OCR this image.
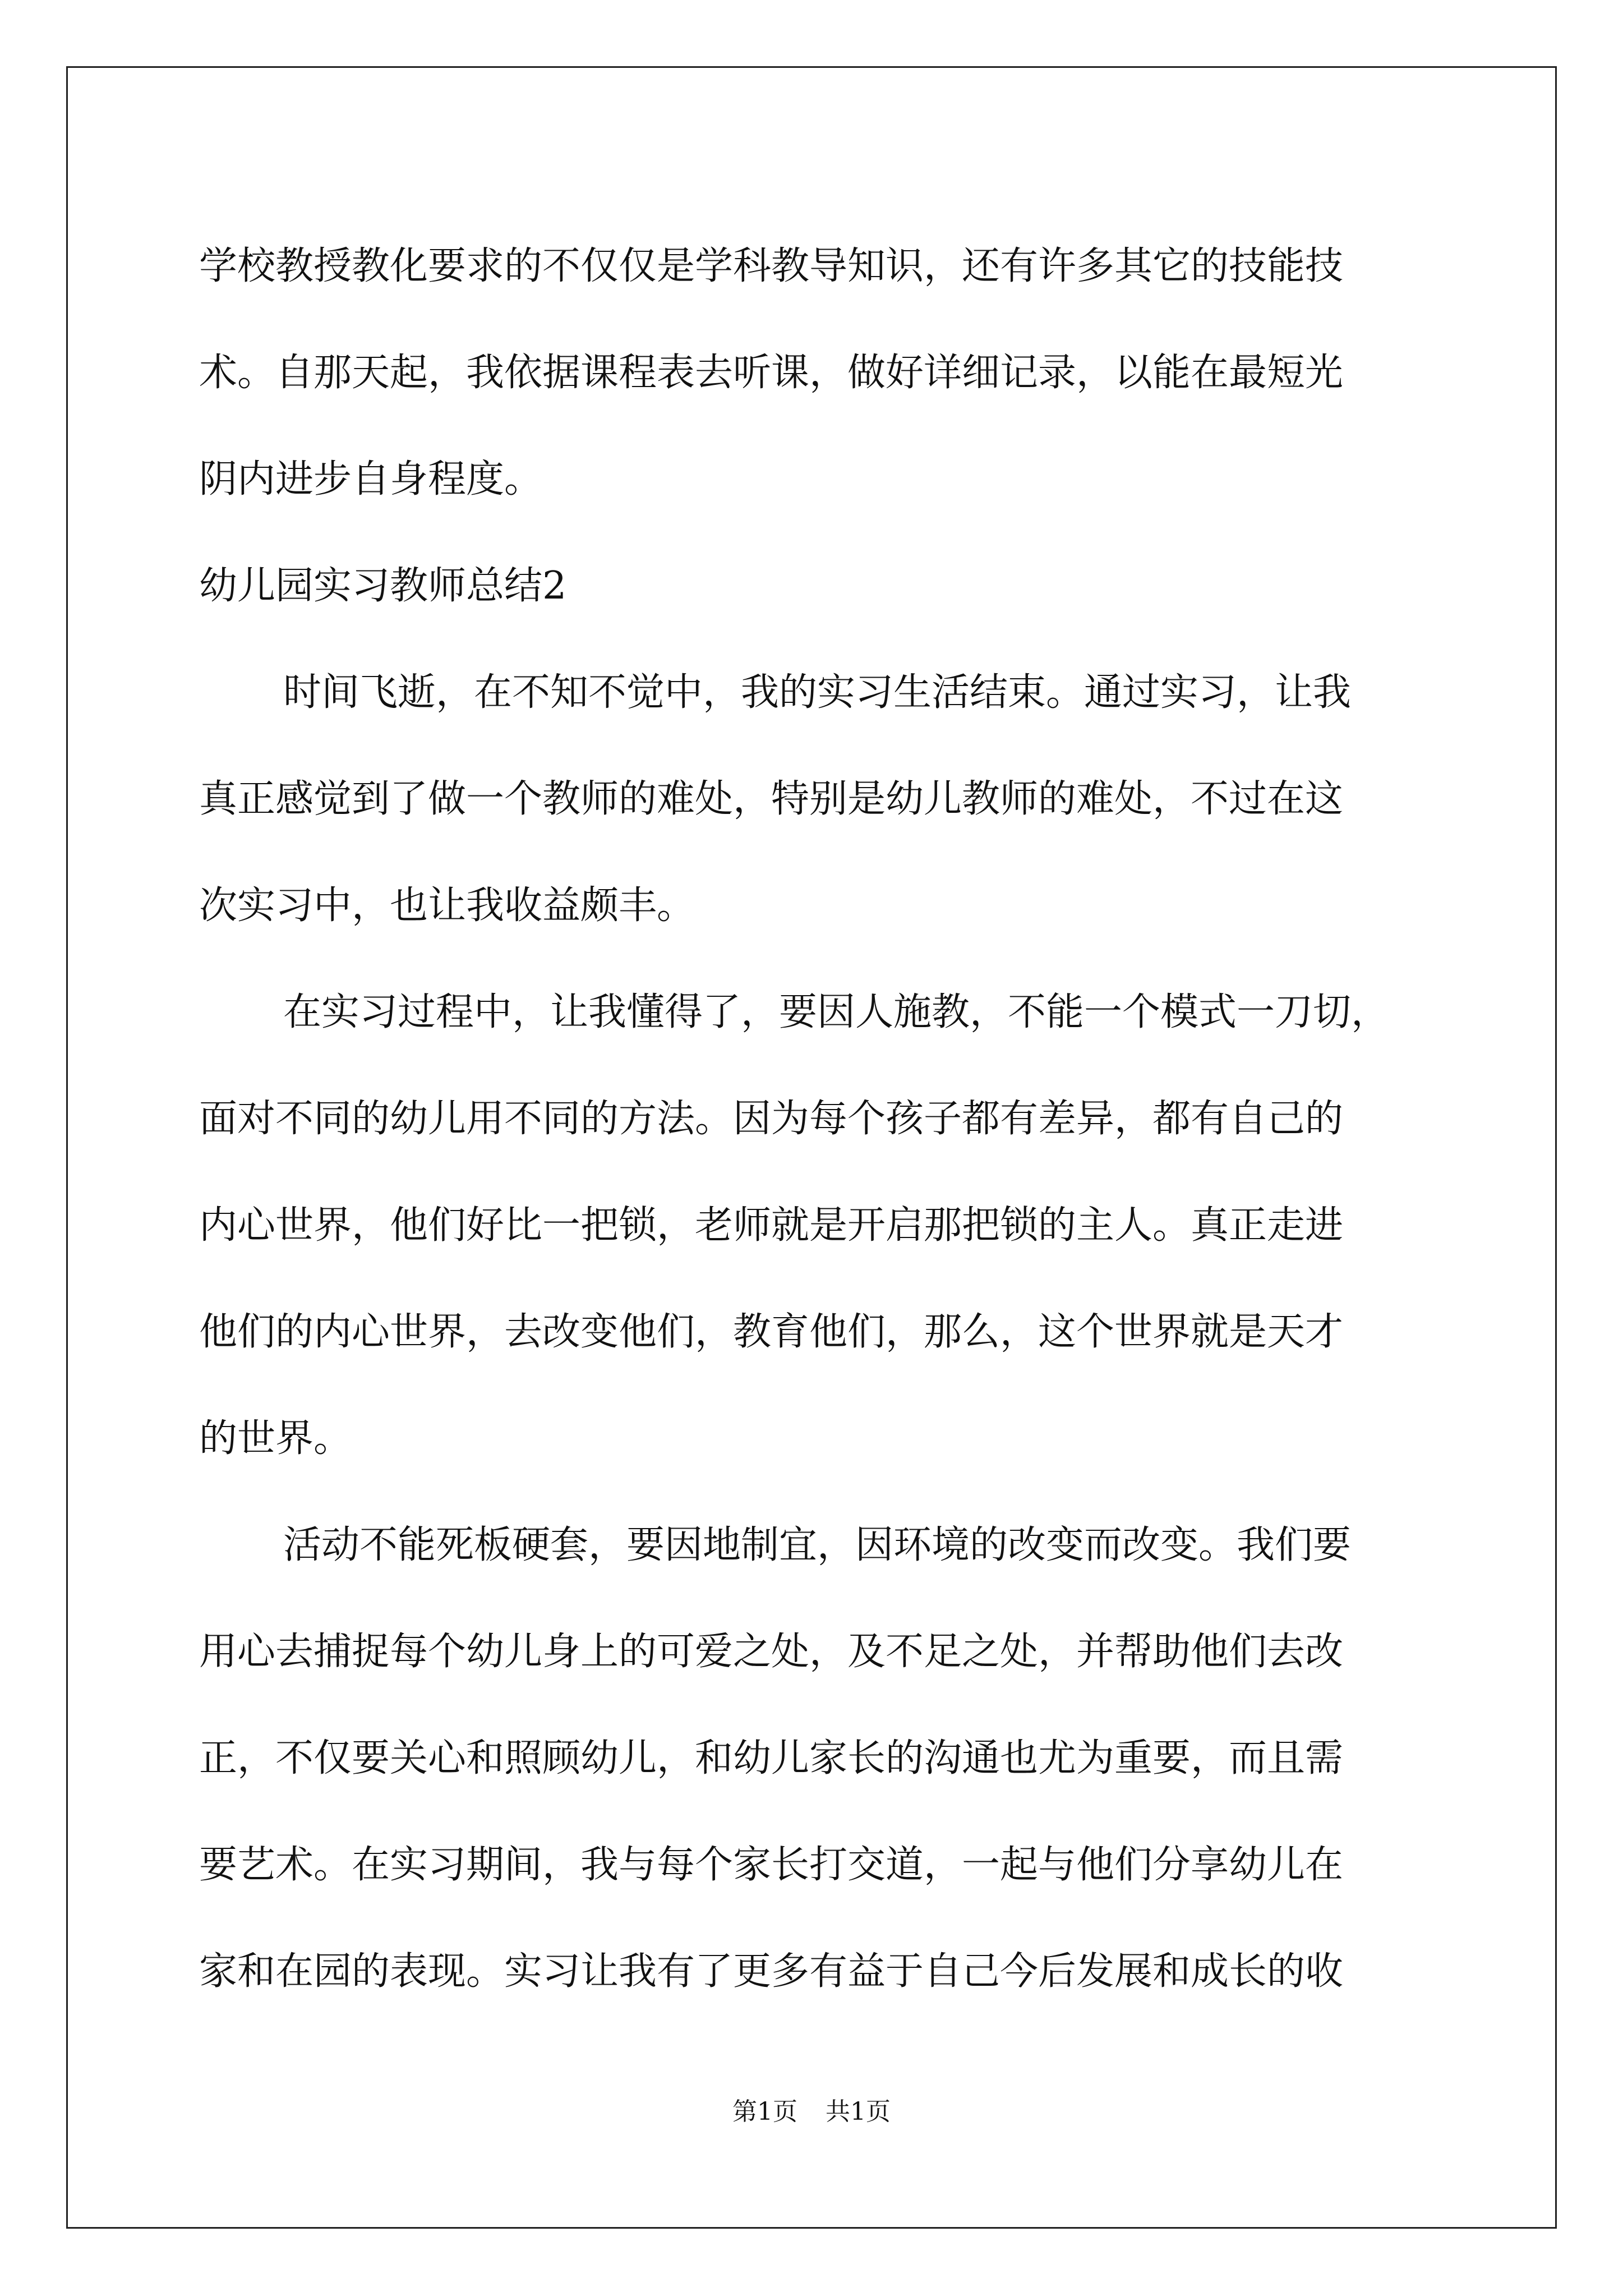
学校教授教化要求的不仅仅是学科教导知识，还有许多其它的技能技
术。自那天起，我依据课程表去听课，做好详细记录，以能在最短光
阴内进步自身程度。
幼儿园实习教师总结2
时间飞逝，在不知不觉中，我的实习生活结束。通过实习，让我
真正感觉到了做一个教师的难处，特别是幼儿教师的难处，不过在这
次实习中，也让我收益颇丰。
在实习过程中，让我懂得了，要因人施教，不能一个模式一刀切，
面对不同的幼儿用不同的方法。因为每个孩子都有差异，都有自己的
内心世界，他们好比一把锁，老师就是开启那把锁的主人。真正走进
他们的内心世界，去改变他们，教育他们，那么，这个世界就是天才
的世界。
活动不能死板硬套，要因地制宜，因环境的改变而改变。我们要
用心去捕捉每个幼儿身上的可爱之处，及不足之处，并帮助他们去改
正，不仅要关心和照顾幼儿，和幼儿家长的沟通也尤为重要，而且需
要艺术。在实习期间，我与每个家长打交道，一起与他们分享幼儿在
家和在园的表现。实习让我有了更多有益于自己今后发展和成长的收
第1页 共1页
